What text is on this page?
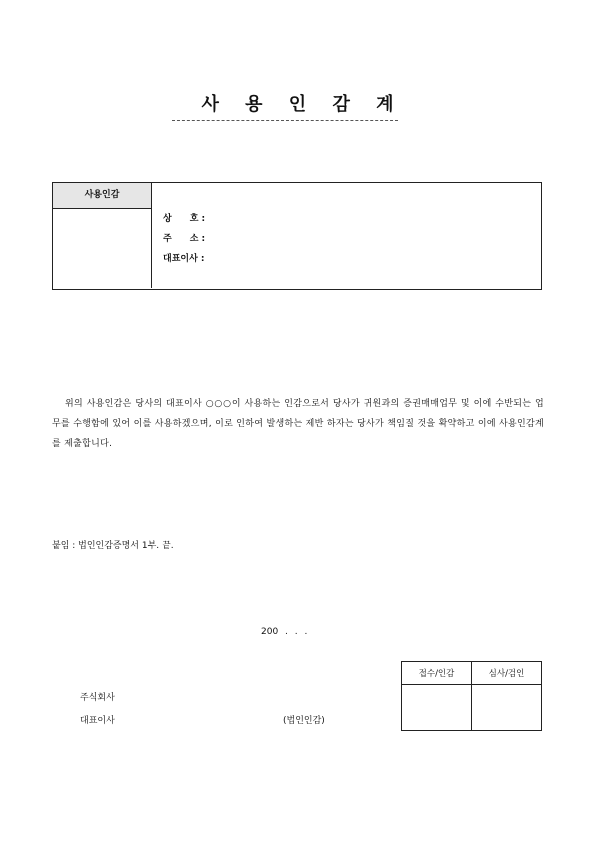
사 용 인 감 계
사용인감
상　　호 :
주　　소 :
대표이사 :
위의 사용인감은 당사의 대표이사 ○○○이 사용하는 인감으로서 당사가 귀원과의 증권매매업무 및 이에 수반되는 업무를 수행함에 있어 이를 사용하겠으며, 이로 인하여 발생하는 제반 하자는 당사가 책임질 것을 확약하고 이에 사용인감계를 제출합니다.
붙임 : 법인인감증명서 1부. 끝.
200 . . .
주식회사
대표이사	(법인인감)
접수/인감	심사/검인
